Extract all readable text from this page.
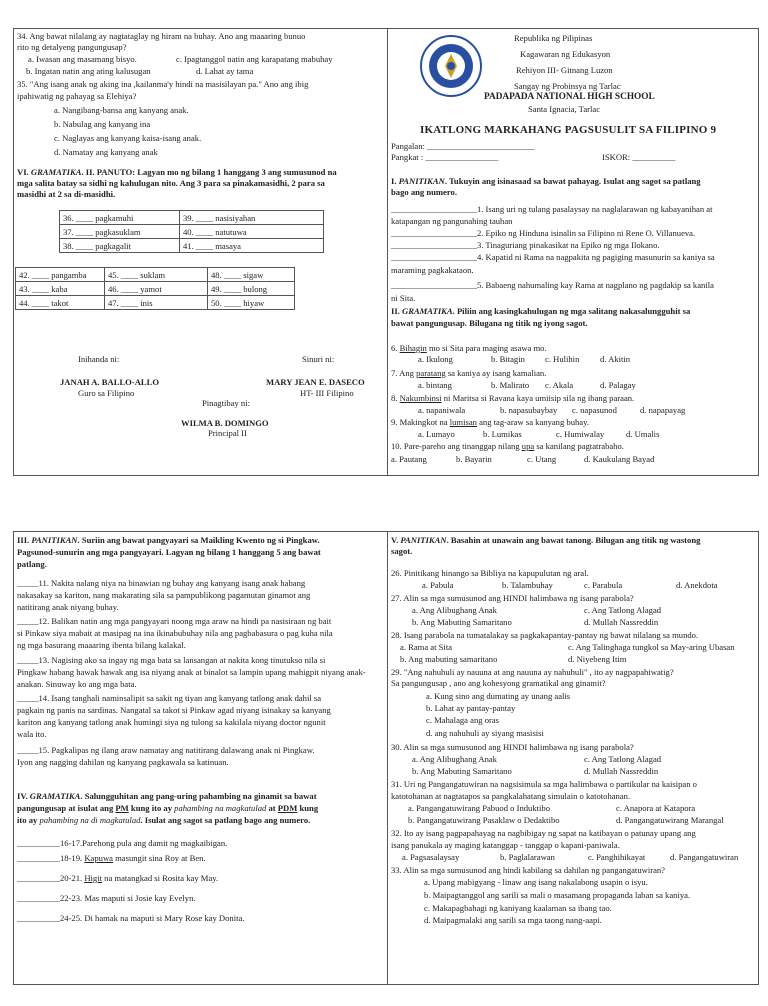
34. Ang bawat nilalang ay nagtataglay ng hiram na buhay. Ano ang maaaring bunuo
rito ng detalyeng pangungusap?
a. Iwasan ang masamang bisyo.	c. Ipagtanggol natin ang karapatang mabuhay
b. Ingatan natin ang ating kalusugan	d. Lahat ay tama
35. "Ang isang anak ng aking ina ,kailanma'y hindi na masisilayan pa." Ano ang ibig
ipahiwatig ng pahayag sa Elehiya?
a. Nangibang-bansa ang kanyang anak.
b. Nabulag ang kanyang ina
c. Naglayas ang kanyang kaisa-isang anak.
d. Namatay ang kanyang anak
VI. GRAMATIKA. II. PANUTO: Lagyan mo ng bilang 1 hanggang 3 ang sumusunod na
mga salita batay sa sidhi ng kahulugan nito. Ang 3 para sa pinakamasidhi, 2 para sa
masidhi at 2 sa di-masidhi.
36. ____ pagkamuhi	39. ____ nasisiyahan
37. ____ pagkasuklam	40. ____ natutuwa
38. ____ pagkagalit	41. ____ masaya
42. ____ pangamba	45. ____ suklam	48. ____ sigaw
43. ____ kaba	46. ____ yamot	49. ____ bulong
44. ____ takot	47. ____ inis	50. ____ hiyaw
Inihanda ni:	Sinuri ni:
JANAH A. BALLO-ALLO
Guro sa Filipino
MARY JEAN E. DASECO
HT- III Filipino
Pinagtibay ni:
WILMA B. DOMINGO
Principal II
Republika ng Pilipinas
Kagawaran ng Edukasyon
Rehiyon III- Gitnang Luzon
Sangay ng Probinsya ng Tarlac
PADAPADA NATIONAL HIGH SCHOOL
Santa Ignacia, Tarlac
IKATLONG MARKAHANG PAGSUSULIT SA FILIPINO 9
Pangalan: _________________________
Pangkat : _________________	ISKOR: __________
I. PANITIKAN. Tukuyin ang isinasaad sa bawat pahayag. Isulat ang sagot sa patlang
bago ang numero.
____________________1. Isang uri ng tulang pasalaysay na naglalarawan ng kabayanihan at
katapangan ng pangunahing tauhan
____________________2. Epiko ng Hinduna isinalin sa Filipino ni Rene O. Villanueva.
____________________3. Tinaguriang pinakasikat na Epiko ng mga Ilokano.
____________________4. Kapatid ni Rama na nagpakita ng pagiging masunurin sa kaniya sa
maraming pagkakataon.
____________________5. Babaeng nahumaling kay Rama at nagplano ng pagdakip sa kanila
ni Sita.
II. GRAMATIKA. Piliin ang kasingkahulugan ng mga salitang nakasalungguhit sa
bawat pangungusap. Bilugana ng titik ng iyong sagot.
6. Bihagin mo si Sita para maging asawa mo.
a. Ikulong	b. Bitagin c. Hulihin d. Akitin
7. Ang paratang sa kaniya ay isang kamalian.
a. bintang	b. Malirato c. Akala	d. Palagay
8. Nakumbinsi ni Maritsa si Ravana kaya umiisip sila ng ibang paraan.
a. napaniwala	b. napasubaybay c. napasunod	d. napapayag
9. Makingkot na lumisan ang tag-araw sa kanyang buhay.
a. Lumayo	b. Lumikas	c. Humiwalay	d. Umalis
10. Pare-pareho ang tinanggap nilang upa sa kanilang pagtatrabaho.
a. Pautang	b. Bayarin	c. Utang	d. Kaukulang Bayad
III. PANITIKAN. Suriin ang bawat pangyayari sa Maikling Kwento ng si Pingkaw.
Pagsunod-sunurin ang mga pangyayari. Lagyan ng bilang 1 hanggang 5 ang bawat
patlang.
_____11. Nakita nalang niya na binawian ng buhay ang kanyang isang anak habang
nakasakay sa kariton, nang makarating sila sa pampublikong pagamutan ginamot ang
natitirang anak niyang buhay.
_____12. Balikan natin ang mga pangyayari noong mga araw na hindi pa nasisiraan ng bait
si Pinkaw siya mabait at masipag na ina ikinabubuhay nila ang pagbabasura o pag kuha nila
ng mga basurang maaaring ibenta bilang kalakal.
_____13. Nagising ako sa ingay ng mga bata sa lansangan at nakita kong tinutukso nila si
Pingkaw habang hawak hawak ang isa niyang anak at binalot sa lampin upang mahigpit niyang anak-
anakan. Sinuway ko ang mga bata.
_____14. Isang tanghali naminsalipit sa sakit ng tiyan ang kanyang tatlong anak dahil sa
pagkain ng panis na sardinas. Nangatal sa takot si Pinkaw agad niyang isinakay sa kanyang
kariton ang kanyang tatlong anak humingi siya ng tulong sa kakilala niyang doctor ngunit
wala ito.
_____15. Pagkalipas ng ilang araw namatay ang natitirang dalawang anak ni Pingkaw.
Iyon ang nagging dahilan ng kanyang pagkawala sa katinuan.
IV. GRAMATIKA. Salungguhitan ang pang-uring pahambing na ginamit sa bawat
pangungusap at isulat ang PM kung ito ay pahambing na magkatulad at PDM kung
ito ay pahambing na di magkatulad. Isulat ang sagot sa patlang bago ang numero.
__________16-17.Parehong pula ang damit ng magkaibigan.
__________18-19. Kapuwa masungit sina Roy at Ben.
__________20-21. Higit na matangkad si Rosita kay May.
__________22-23. Mas maputi si Josie kay Evelyn.
__________24-25. Di hamak na maputi si Mary Rose kay Donita.
V. PANITIKAN. Basahin at unawain ang bawat tanong. Bilugan ang titik ng wastong
sagot.
26. Pinitikang hinango sa Bibliya na kapupulutan ng aral.
a. Pabula	b. Talambuhay	c. Parabula	d. Anekdota
27. Alin sa mga sumusunod ang HINDI halimbawa ng isang parabola?
a. Ang Alibughang Anak	c. Ang Tatlong Alagad
b. Ang Mabuting Samaritano	d. Mullah Nassreddin
28. Isang parabola na tumatalakay sa pagkakapantay-pantay ng bawat nilalang sa mundo.
a. Rama at Sita	c. Ang Talinghaga tungkol sa May-aring Ubasan
b. Ang mabuting samaritano	d. Niyebeng Itim
29. "Ang nahuhuli ay nauuna at ang nauuna ay nahuhuli" , ito ay nagpapahiwatig?
Sa pangungusap , ano ang kohesyong gramatikal ang ginamit?
a. Kung sino ang dumating ay unang aalis
b. Lahat ay pantay-pantay
c. Mahalaga ang oras
d. ang nahuhuli ay siyang masisisi
30. Alin sa mga sumusunod ang HINDI halimbawa ng isang parabola?
a. Ang Alibughang Anak	c. Ang Tatlong Alagad
b. Ang Mabuting Samaritano	d. Mullah Nassreddin
31. Uri ng Pangangatuwiran na nagsisimula sa mga halimbawa o partikular na kaisipan o
katotohanan at nagtatapos sa pangkalahatang simulain o katotohanan.
a. Pangangatuwirang Pabuod o Induktibo	c. Anapora at Katapora
b. Pangangatuwirang Pasaklaw o Dedaktibo	d. Pangangatuwirang Marangal
32. Ito ay isang pagpapahayag na nagbibigay ng sapat na katibayan o patunay upang ang
isang panukala ay maging katanggap - tanggap o kapani-paniwala.
a. Pagsasalaysay	b. Paglalarawan	c. Panghihikayat	d. Pangangatuwiran
33. Alin sa mga sumusunod ang hindi kabilang sa dahilan ng pangangatuwiran?
a. Upang mabigyang - linaw ang isang nakalabong usapin o isyu.
b. Maipagtanggol ang sarili sa mali o masamang propaganda laban sa kaniya.
c. Makapagbahagi ng kaniyang kaalaman sa ibang tao.
d. Maipagmalaki ang sarili sa mga taong nang-aapi.
